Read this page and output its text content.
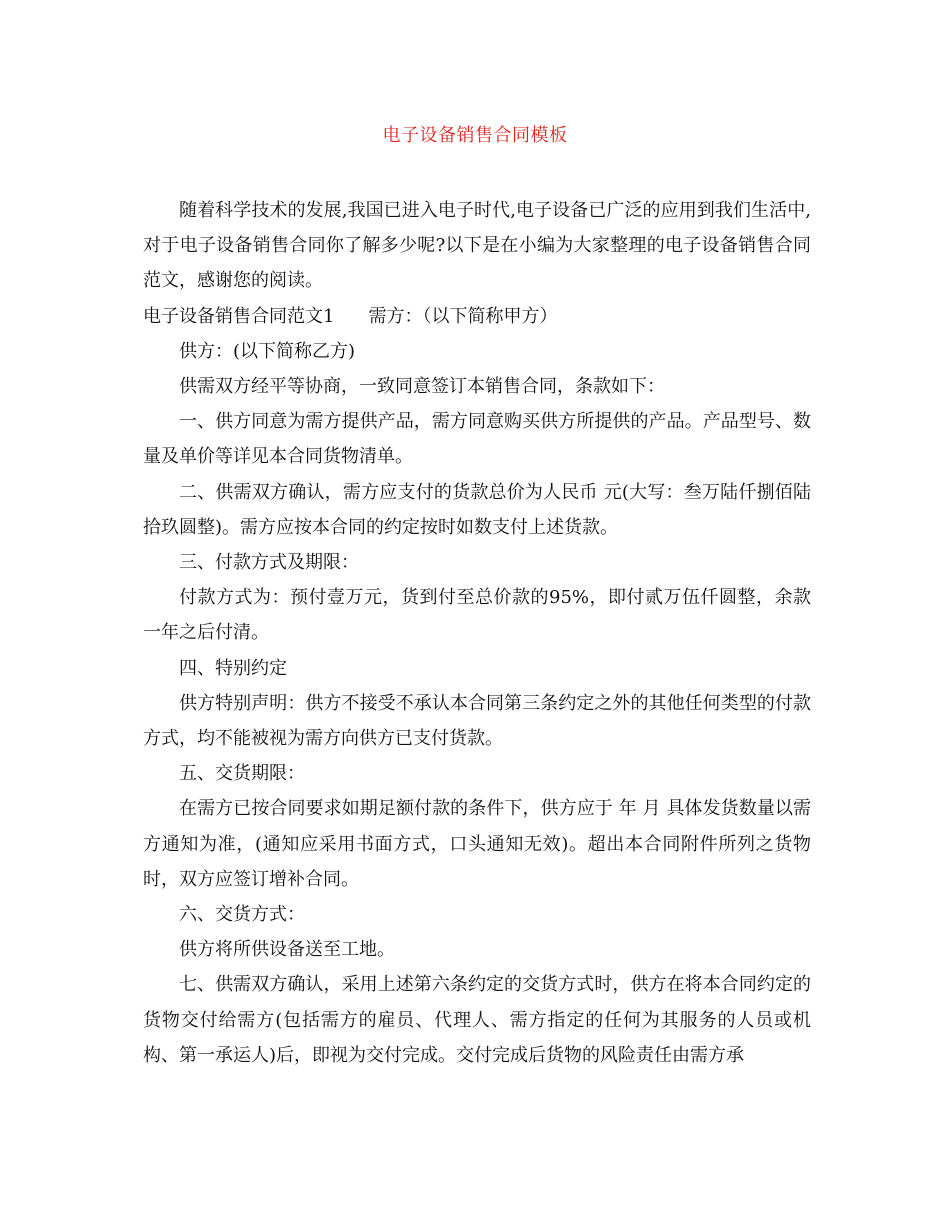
电子设备销售合同模板

随着科学技术的发展,我国已进入电子时代,电子设备已广泛的应用到我们生活中,对于电子设备销售合同你了解多少呢?以下是在小编为大家整理的电子设备销售合同范文，感谢您的阅读。

电子设备销售合同范文1 需方：（以下简称甲方）

供方：(以下简称乙方)

供需双方经平等协商，一致同意签订本销售合同，条款如下：

一、供方同意为需方提供产品，需方同意购买供方所提供的产品。产品型号、数量及单价等详见本合同货物清单。

二、供需双方确认，需方应支付的货款总价为人民币 元(大写：叁万陆仟捌佰陆拾玖圆整)。需方应按本合同的约定按时如数支付上述货款。

三、付款方式及期限：

付款方式为：预付壹万元，货到付至总价款的95%，即付贰万伍仟圆整，余款一年之后付清。

四、特别约定

供方特别声明：供方不接受不承认本合同第三条约定之外的其他任何类型的付款方式，均不能被视为需方向供方已支付货款。

五、交货期限：

在需方已按合同要求如期足额付款的条件下，供方应于 年 月 具体发货数量以需方通知为准，(通知应采用书面方式，口头通知无效)。超出本合同附件所列之货物时，双方应签订增补合同。

六、交货方式：

供方将所供设备送至工地。

七、供需双方确认，采用上述第六条约定的交货方式时，供方在将本合同约定的货物交付给需方(包括需方的雇员、代理人、需方指定的任何为其服务的人员或机构、第一承运人)后，即视为交付完成。交付完成后货物的风险责任由需方承
